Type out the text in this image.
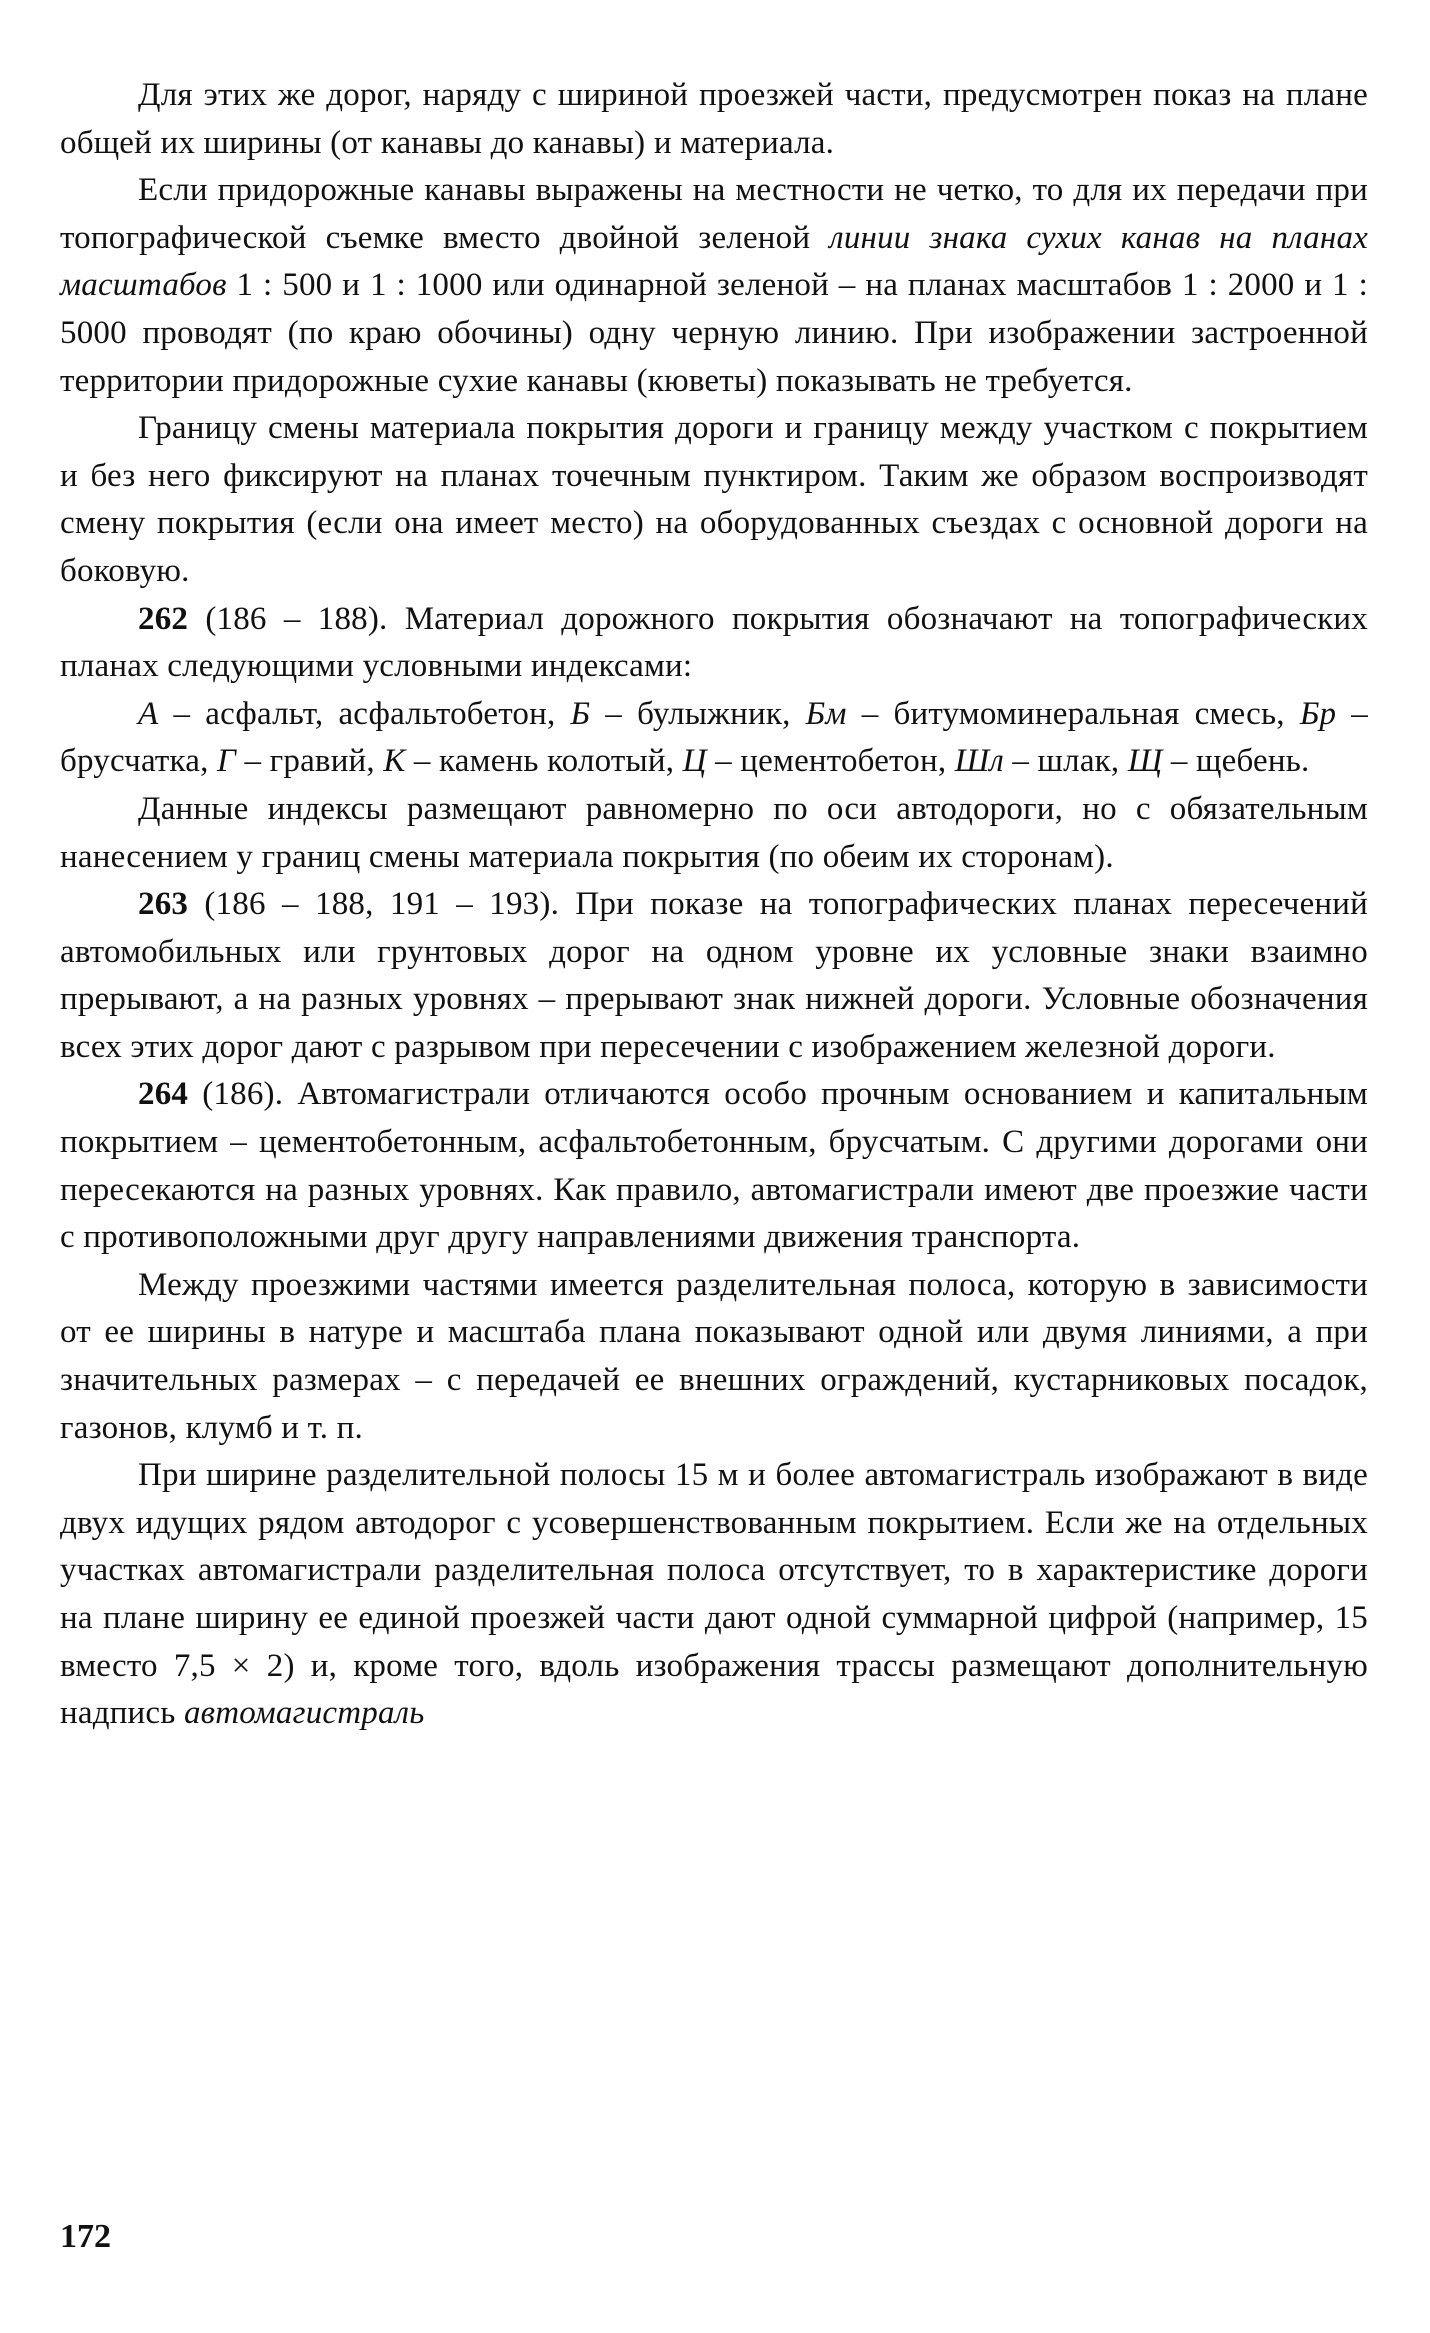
Для этих же дорог, наряду с шириной проезжей части, предусмотрен показ на плане общей их ширины (от канавы до канавы) и материала.

Если придорожные канавы выражены на местности не четко, то для их передачи при топографической съемке вместо двойной зеленой линии знака сухих канав на планах масштабов 1 : 500 и 1 : 1000 или одинарной зеленой – на планах масштабов 1 : 2000 и 1 : 5000 проводят (по краю обочины) одну черную линию. При изображении застроенной территории придорожные сухие канавы (кюветы) показывать не требуется.

Границу смены материала покрытия дороги и границу между участком с покрытием и без него фиксируют на планах точечным пунктиром. Таким же образом воспроизводят смену покрытия (если она имеет место) на оборудованных съездах с основной дороги на боковую.

262 (186 – 188). Материал дорожного покрытия обозначают на топографических планах следующими условными индексами:

А – асфальт, асфальтобетон, Б – булыжник, Бм – битумоминеральная смесь, Бр – брусчатка, Г – гравий, К – камень колотый, Ц – цементобетон, Шл – шлак, Щ – щебень.

Данные индексы размещают равномерно по оси автодороги, но с обязательным нанесением у границ смены материала покрытия (по обеим их сторонам).

263 (186 – 188, 191 – 193). При показе на топографических планах пересечений автомобильных или грунтовых дорог на одном уровне их условные знаки взаимно прерывают, а на разных уровнях – прерывают знак нижней дороги. Условные обозначения всех этих дорог дают с разрывом при пересечении с изображением железной дороги.

264 (186). Автомагистрали отличаются особо прочным основанием и капитальным покрытием – цементобетонным, асфальтобетонным, брусчатым. С другими дорогами они пересекаются на разных уровнях. Как правило, автомагистрали имеют две проезжие части с противоположными друг другу направлениями движения транспорта.

Между проезжими частями имеется разделительная полоса, которую в зависимости от ее ширины в натуре и масштаба плана показывают одной или двумя линиями, а при значительных размерах – с передачей ее внешних ограждений, кустарниковых посадок, газонов, клумб и т. п.

При ширине разделительной полосы 15 м и более автомагистраль изображают в виде двух идущих рядом автодорог с усовершенствованным покрытием. Если же на отдельных участках автомагистрали разделительная полоса отсутствует, то в характеристике дороги на плане ширину ее единой проезжей части дают одной суммарной цифрой (например, 15 вместо 7,5 × 2) и, кроме того, вдоль изображения трассы размещают дополнительную надпись автомагистраль

172
